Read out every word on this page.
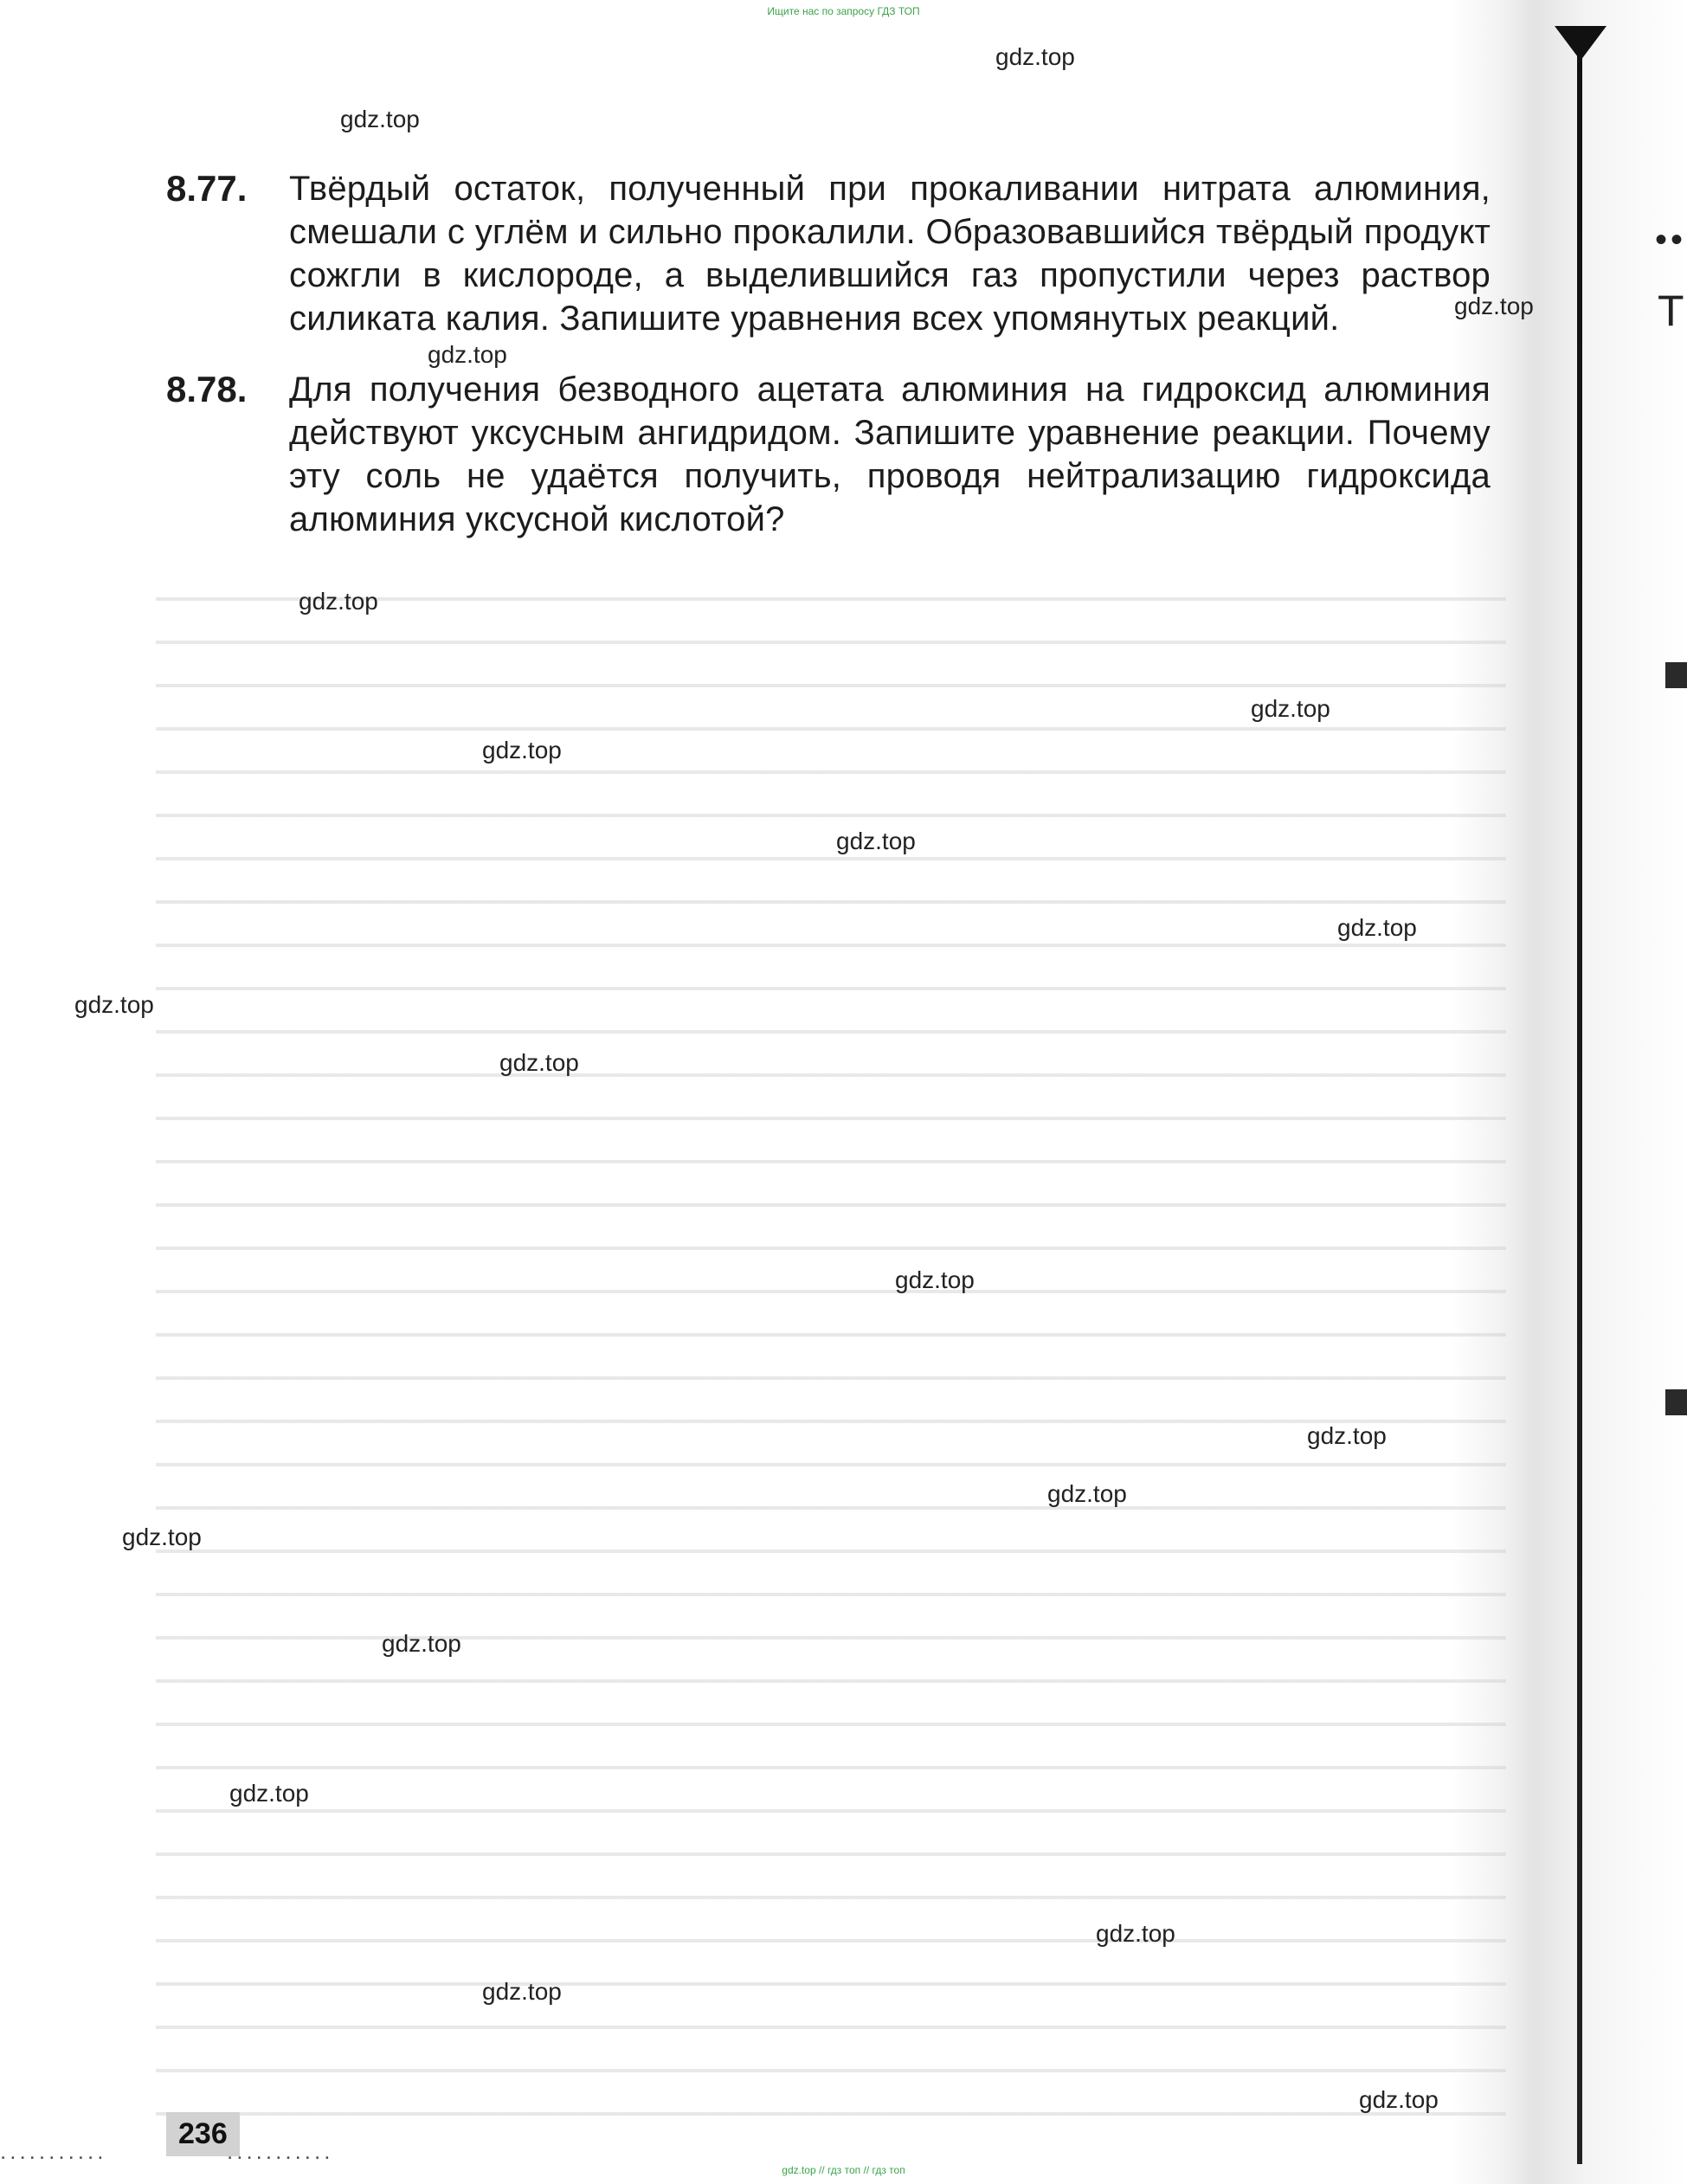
Ищите нас по запросу ГДЗ ТОП
8.77. Твёрдый остаток, полученный при прокаливании нитрата алюминия, смешали с углём и сильно прокалили. Образовавшийся твёрдый продукт сожгли в кислороде, а выделившийся газ пропустили через раствор силиката калия. Запишите уравнения всех упомянутых реакций.
8.78. Для получения безводного ацетата алюминия на гидроксид алюминия действуют уксусным ангидридом. Запишите уравнение реакции. Почему эту соль не удаётся получить, проводя нейтрализацию гидроксида алюминия уксусной кислотой?
gdz.top
gdz.top
gdz.top
gdz.top
gdz.top
gdz.top
gdz.top
gdz.top
gdz.top
gdz.top
gdz.top
gdz.top
gdz.top
gdz.top
gdz.top
gdz.top
gdz.top
gdz.top
gdz.top
gdz.top
...........
236
...........
••
Т
gdz.top // гдз топ // гдз топ
